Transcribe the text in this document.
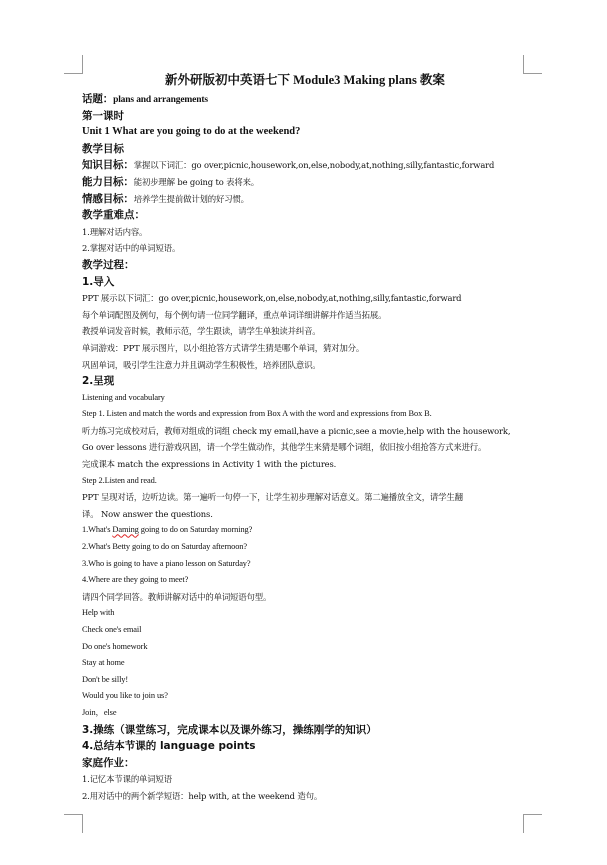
新外研版初中英语七下 Module3 Making plans 教案
话题：plans and arrangements
第一课时
Unit 1 What are you going to do at the weekend?
教学目标
知识目标：掌握以下词汇：go over,picnic,housework,on,else,nobody,at,nothing,silly,fantastic,forward
能力目标：能初步理解 be going to 表将来。
情感目标：培养学生提前做计划的好习惯。
教学重难点：
1.理解对话内容。
2.掌握对话中的单词短语。
教学过程：
1.导入
PPT 展示以下词汇：go over,picnic,housework,on,else,nobody,at,nothing,silly,fantastic,forward
每个单词配图及例句，每个例句请一位同学翻译，重点单词详细讲解并作适当拓展。
教授单词发音时候，教师示范，学生跟读，请学生单独读并纠音。
单词游戏：PPT 展示图片，以小组抢答方式请学生猜是哪个单词，猜对加分。
巩固单词，吸引学生注意力并且调动学生积极性，培养团队意识。
2.呈现
Listening and vocabulary
Step 1. Listen and match the words and expression from Box A with the word and expressions from Box B.
听力练习完成校对后，教师对组成的词组 check my email,have a picnic,see a movie,help with the housework,
Go over lessons 进行游戏巩固，请一个学生做动作，其他学生来猜是哪个词组，依旧按小组抢答方式来进行。
完成课本 match the expressions in Activity 1 with the pictures.
Step 2.Listen and read.
PPT 呈现对话，边听边读。第一遍听一句停一下，让学生初步理解对话意义。第二遍播放全文，请学生翻
译。 Now answer the questions.
1.What's Daming going to do on Saturday morning?
2.What's Betty going to do on Saturday afternoon?
3.Who is going to have a piano lesson on Saturday?
4.Where are they going to meet?
请四个同学回答。教师讲解对话中的单词短语句型。
Help with
Check one's email
Do one's homework
Stay at home
Don't be silly!
Would you like to join us?
Join，else
3.操练（课堂练习，完成课本以及课外练习，操练刚学的知识）
4.总结本节课的 language points
家庭作业：
1.记忆本节课的单词短语
2.用对话中的两个新学短语：help with, at the weekend 造句。
